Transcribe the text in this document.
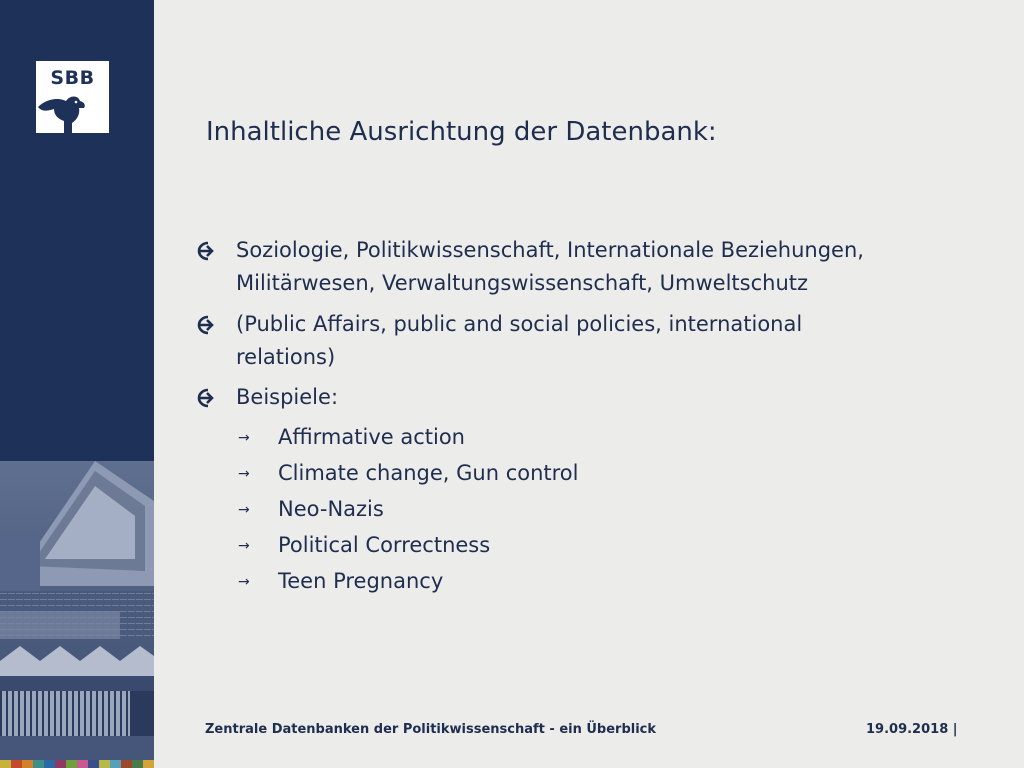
SBB
Inhaltliche Ausrichtung der Datenbank:
Soziologie, Politikwissenschaft, Internationale Beziehungen,
Militärwesen, Verwaltungswissenschaft, Umweltschutz
(Public Affairs, public and social policies, international
relations)
Beispiele:
→ Affirmative action
→ Climate change, Gun control
→ Neo-Nazis
→ Political Correctness
→ Teen Pregnancy
Zentrale Datenbanken der Politikwissenschaft - ein Überblick	19.09.2018 |
